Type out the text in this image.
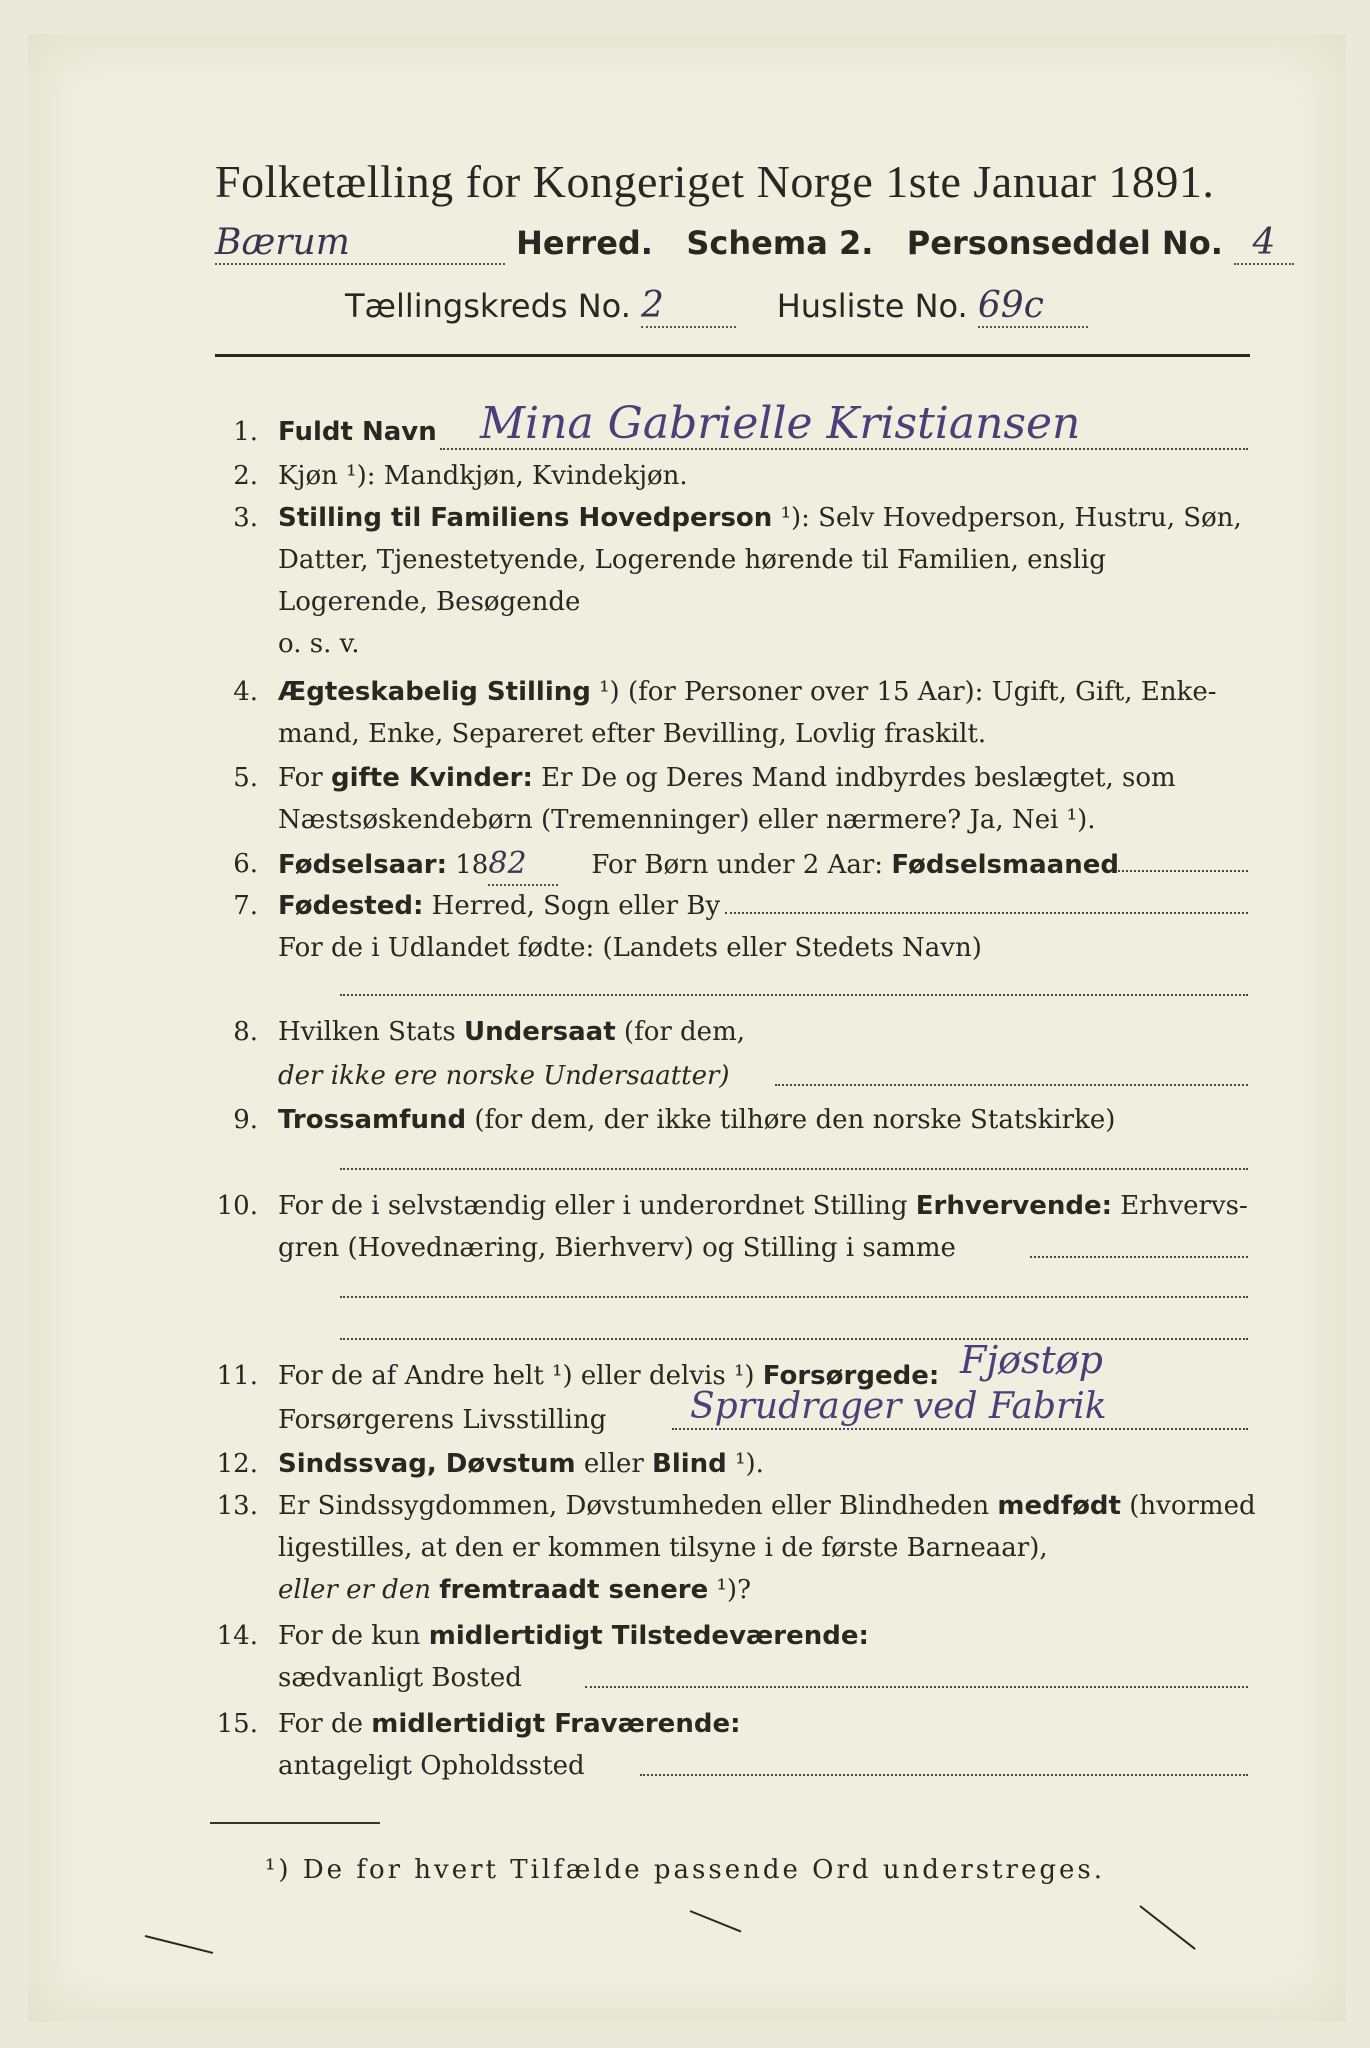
Folketælling for Kongeriget Norge 1ste Januar 1891.
Bærum	Herred. Schema 2. Personseddel No. 4
Tællingskreds No. 2	Husliste No. 69c
1. Fuldt Navn Mina Gabrielle Kristiansen
2. Kjøn ¹): Mandkjøn, Kvindekjøn.
3. Stilling til Familiens Hovedperson ¹): Selv Hovedperson, Hustru, Søn,
Datter, Tjenestetyende, Logerende hørende til Familien, enslig
Logerende, Besøgende
o. s. v.
4. Ægteskabelig Stilling ¹) (for Personer over 15 Aar): Ugift, Gift, Enke-
mand, Enke, Separeret efter Bevilling, Lovlig fraskilt.
5. For gifte Kvinder: Er De og Deres Mand indbyrdes beslægtet, som
Næstsøskendebørn (Tremenninger) eller nærmere? Ja, Nei ¹).
6. Fødselsaar: 1882 For Børn under 2 Aar: Fødselsmaaned
7. Fødested: Herred, Sogn eller By
For de i Udlandet fødte: (Landets eller Stedets Navn)
8. Hvilken Stats Undersaat (for dem,
der ikke ere norske Undersaatter)
9. Trossamfund (for dem, der ikke tilhøre den norske Statskirke)
10. For de i selvstændig eller i underordnet Stilling Erhvervende: Erhvervs-
gren (Hovednæring, Bierhverv) og Stilling i samme
11. For de af Andre helt ¹) eller delvis ¹) Forsørgede: Fjøstøp
Forsørgerens Livsstilling Sprudrager ved Fabrik
12. Sindssvag, Døvstum eller Blind ¹).
13. Er Sindssygdommen, Døvstumheden eller Blindheden medfødt (hvormed
ligestilles, at den er kommen tilsyne i de første Barneaar),
eller er den fremtraadt senere ¹)?
14. For de kun midlertidigt Tilstedeværende:
sædvanligt Bosted
15. For de midlertidigt Fraværende:
antageligt Opholdssted
¹) De for hvert Tilfælde passende Ord understreges.
